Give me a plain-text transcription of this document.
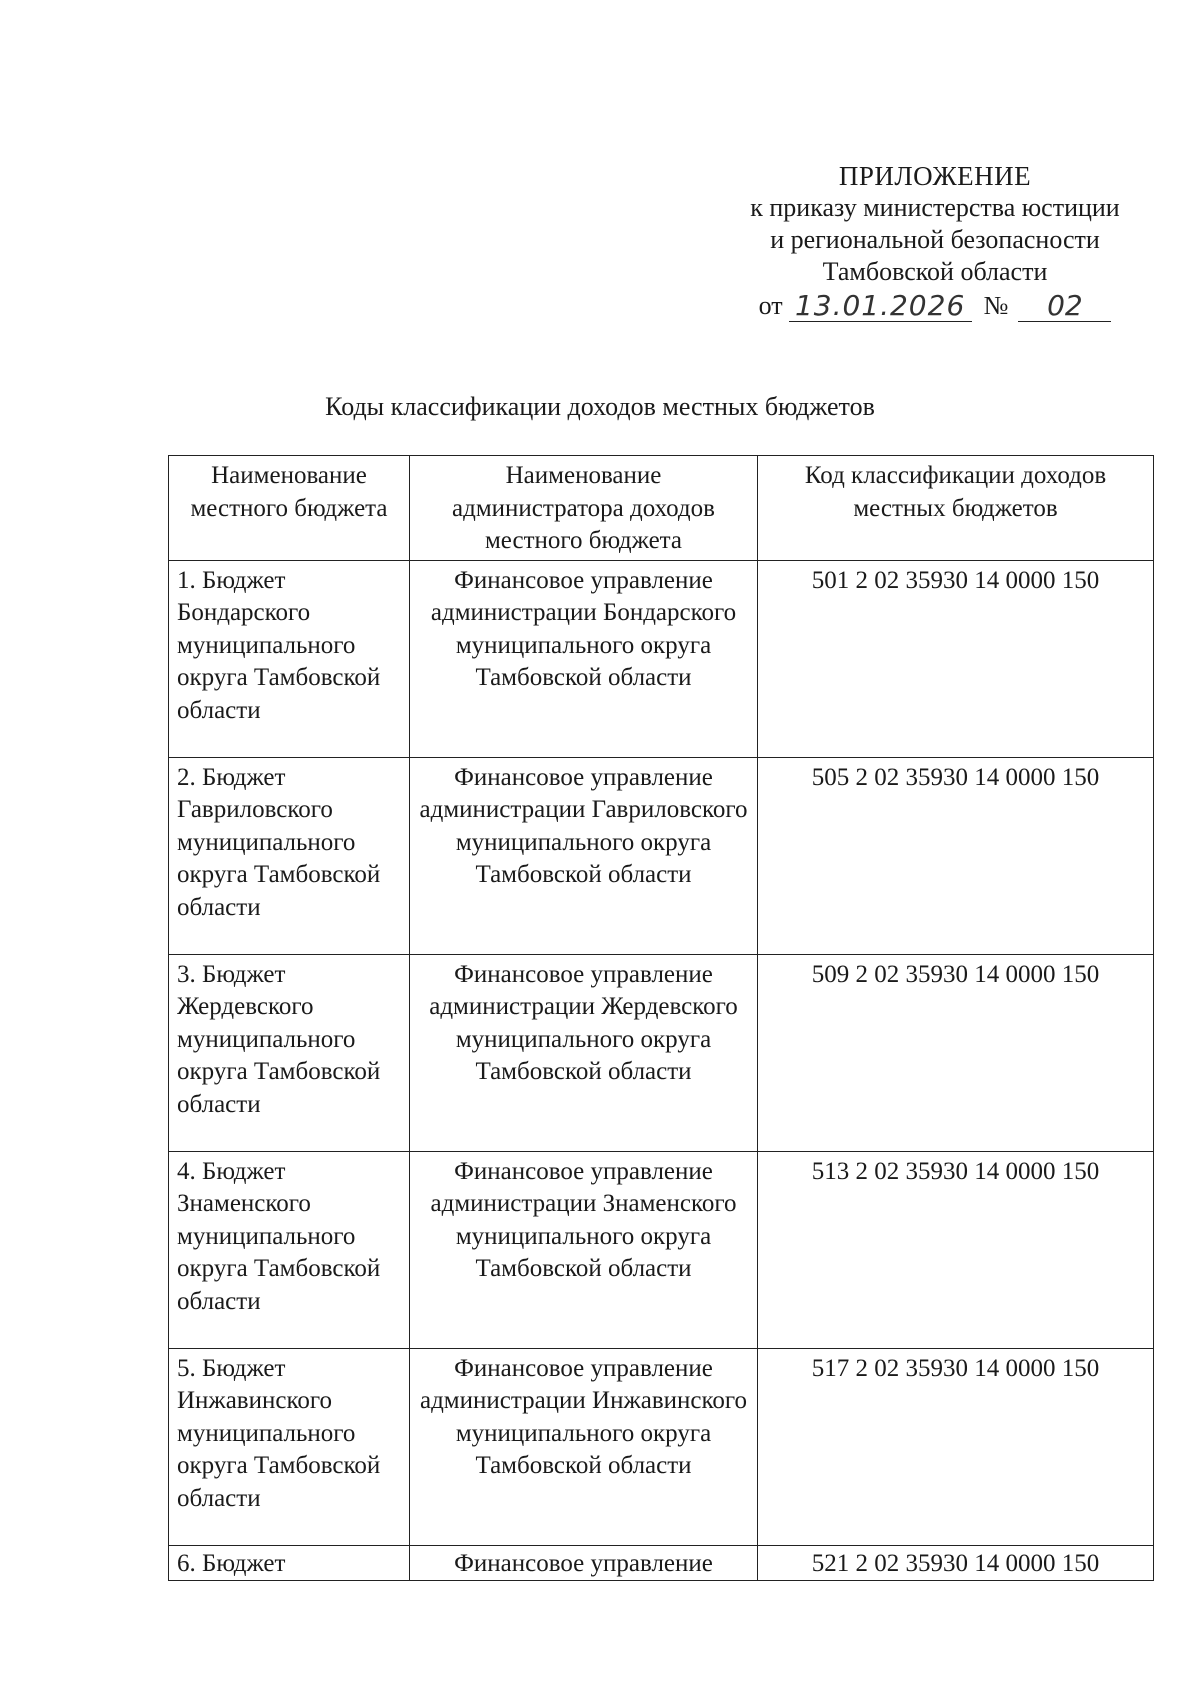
ПРИЛОЖЕНИЕ
к приказу министерства юстиции
и региональной безопасности
Тамбовской области
от 13.01.2026 №	02
Коды классификации доходов местных бюджетов
Наименование местного бюджета	Наименование администратора доходов местного бюджета	Код классификации доходов местных бюджетов
1. Бюджет Бондарского муниципального округа Тамбовской области	Финансовое управление администрации Бондарского муниципального округа Тамбовской области	501 2 02 35930 14 0000 150
2. Бюджет Гавриловского муниципального округа Тамбовской области	Финансовое управление администрации Гавриловского муниципального округа Тамбовской области	505 2 02 35930 14 0000 150
3. Бюджет Жердевского муниципального округа Тамбовской области	Финансовое управление администрации Жердевского муниципального округа Тамбовской области	509 2 02 35930 14 0000 150
4. Бюджет Знаменского муниципального округа Тамбовской области	Финансовое управление администрации Знаменского муниципального округа Тамбовской области	513 2 02 35930 14 0000 150
5. Бюджет Инжавинского муниципального округа Тамбовской области	Финансовое управление администрации Инжавинского муниципального округа Тамбовской области	517 2 02 35930 14 0000 150
6. Бюджет	Финансовое управление	521 2 02 35930 14 0000 150
